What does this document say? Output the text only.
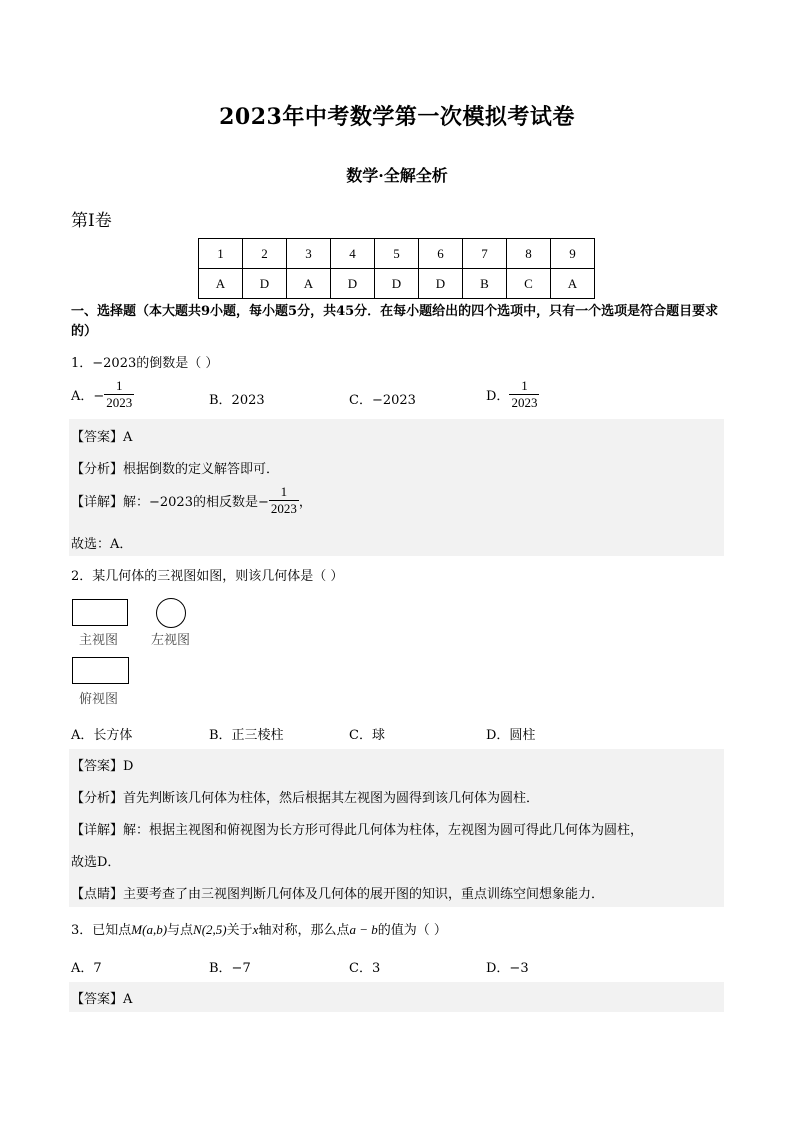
2023年中考数学第一次模拟考试卷
数学·全解全析
第Ⅰ卷
1	2	3	4	5	6	7	8	9
A	D	A	D	D	D	B	C	A
一、选择题（本大题共9小题，每小题5分，共45分．在每小题给出的四个选项中，只有一个选项是符合题目要求的）
1．−2023的倒数是（ ）
A．− $\frac{1}{2023}$	B．2023	C．−2023	D． $\frac{1}{2023}$
【答案】A
【分析】根据倒数的定义解答即可．
【详解】解：−2023的相反数是− $\frac{1}{2023}$ ，
故选：A．
2．某几何体的三视图如图，则该几何体是（ ）
主视图	左视图
俯视图
A．长方体	B．正三棱柱	C．球	D．圆柱
【答案】D
【分析】首先判断该几何体为柱体，然后根据其左视图为圆得到该几何体为圆柱．
【详解】解：根据主视图和俯视图为长方形可得此几何体为柱体，左视图为圆可得此几何体为圆柱，
故选D．
【点睛】主要考查了由三视图判断几何体及几何体的展开图的知识，重点训练空间想象能力．
3．已知点M(a,b)与点N(2,5)关于x轴对称，那么点a − b的值为（ ）
A．7	B．−7	C．3	D．−3
【答案】A
